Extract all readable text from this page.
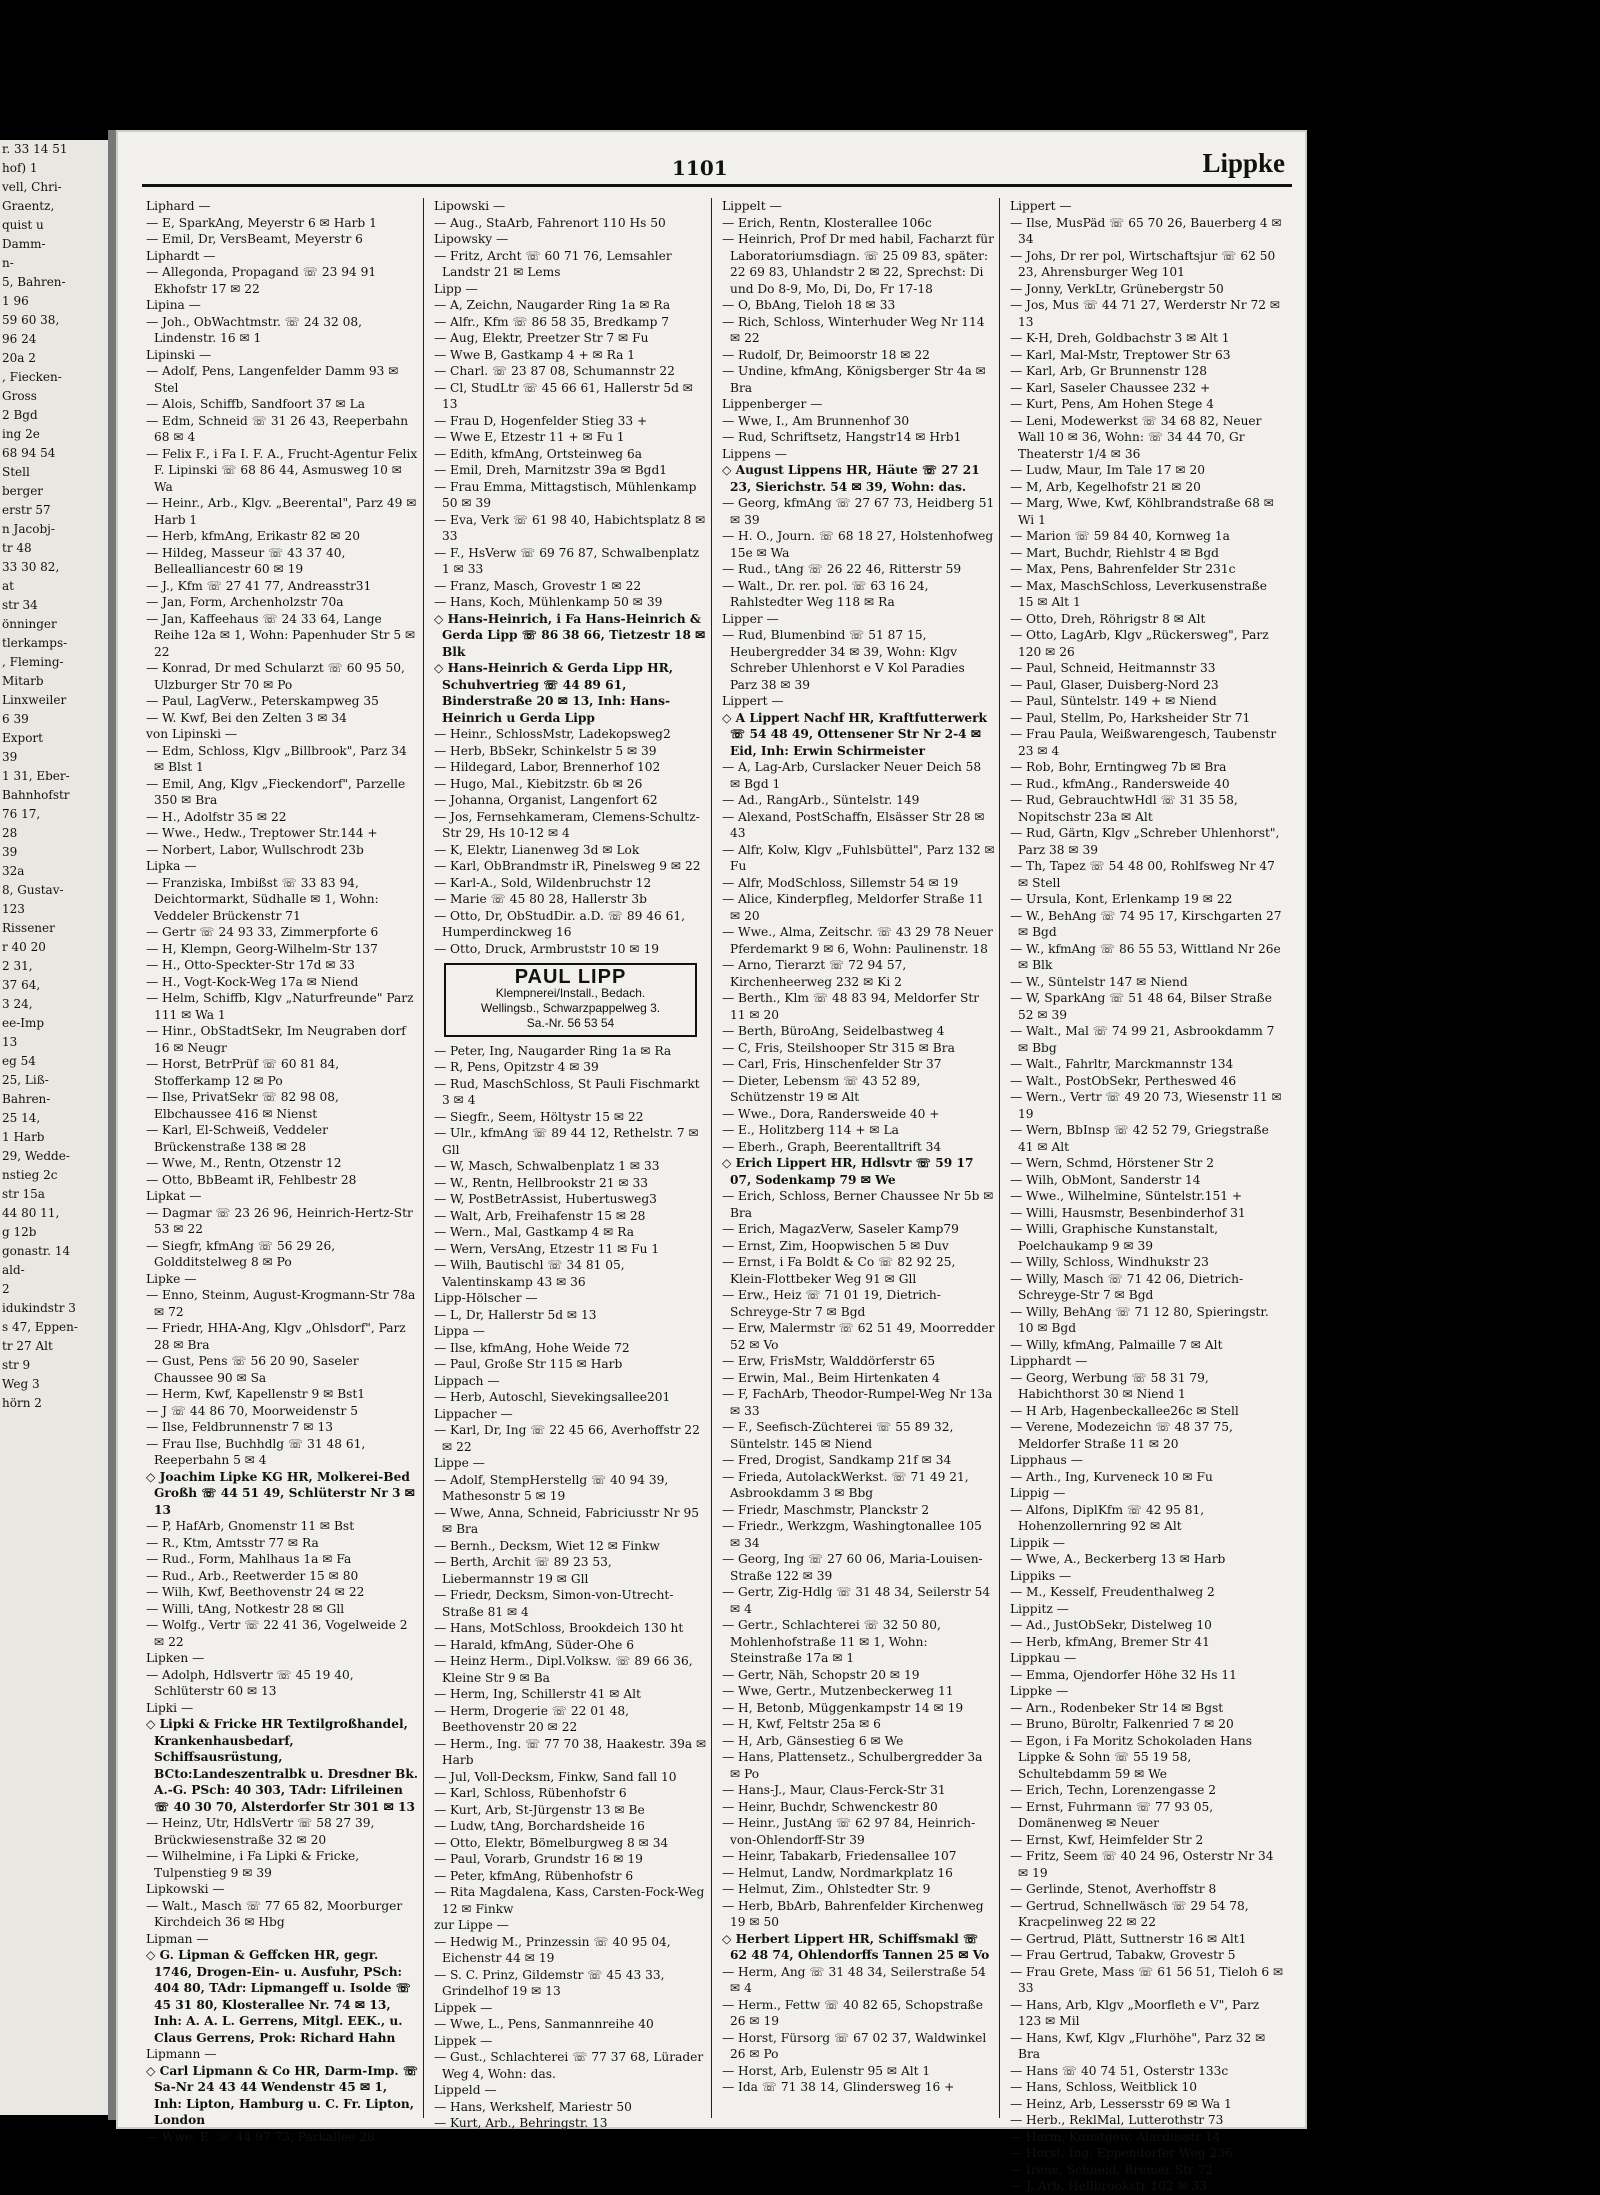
r. 33 14 51
hof) 1
vell, Chri-
Graentz,
quist u
Damm-
n-
5, Bahren-
1 96
59 60 38,
96 24
20a 2
, Fiecken-
Gross
2 Bgd
ing 2e
68 94 54
Stell
berger
erstr 57
n Jacobj-
tr 48
33 30 82,
at
str 34
önninger
tlerkamps-
, Fleming-
Mitarb
Linxweiler
6 39
Export
39
1 31, Eber-
Bahnhofstr
76 17,
28
39
32a
8, Gustav-
123
Rissener
r 40 20
2 31,
37 64,
3 24,
ee-Imp
13
eg 54
25, Liß-
Bahren-
25 14,
1 Harb
29, Wedde-
nstieg 2c
str 15a
44 80 11,
g 12b
gonastr. 14
ald-
2
idukindstr 3
s 47, Eppen-
tr 27 Alt
str 9
Weg 3
hörn 2
1101	Lippke

Liphard —

— E, SparkAng, Meyerstr 6 ✉ Harb 1

— Emil, Dr, VersBeamt, Meyerstr 6

Liphardt —

— Allegonda, Propagand ☏ 23 94 91 Ekhofstr 17 ✉ 22

Lipina —

— Joh., ObWachtmstr. ☏ 24 32 08, Lindenstr. 16 ✉ 1

Lipinski —

— Adolf, Pens, Langenfelder Damm 93 ✉ Stel

— Alois, Schiffb, Sandfoort 37 ✉ La

— Edm, Schneid ☏ 31 26 43, Reeperbahn 68 ✉ 4

— Felix F., i Fa I. F. A., Frucht-Agentur Felix F. Lipinski ☏ 68 86 44, Asmusweg 10 ✉ Wa

— Heinr., Arb., Klgv. „Beerental", Parz 49 ✉ Harb 1

— Herb, kfmAng, Erikastr 82 ✉ 20

— Hildeg, Masseur ☏ 43 37 40, Bellealliancestr 60 ✉ 19

— J., Kfm ☏ 27 41 77, Andreasstr31

— Jan, Form, Archenholzstr 70a

— Jan, Kaffeehaus ☏ 24 33 64, Lange Reihe 12a ✉ 1, Wohn: Papenhuder Str 5 ✉ 22

— Konrad, Dr med Schularzt ☏ 60 95 50, Ulzburger Str 70 ✉ Po

— Paul, LagVerw., Peterskampweg 35

— W. Kwf, Bei den Zelten 3 ✉ 34

von Lipinski —

— Edm, Schloss, Klgv „Billbrook", Parz 34 ✉ Blst 1

— Emil, Ang, Klgv „Fieckendorf", Parzelle 350 ✉ Bra

— H., Adolfstr 35 ✉ 22

— Wwe., Hedw., Treptower Str.144 +

— Norbert, Labor, Wullschrodt 23b

Lipka —

— Franziska, Imbißst ☏ 33 83 94, Deichtormarkt, Südhalle ✉ 1, Wohn: Veddeler Brückenstr 71

— Gertr ☏ 24 93 33, Zimmerpforte 6

— H, Klempn, Georg-Wilhelm-Str 137

— H., Otto-Speckter-Str 17d ✉ 33

— H., Vogt-Kock-Weg 17a ✉ Niend

— Helm, Schiffb, Klgv „Naturfreunde" Parz 111 ✉ Wa 1

— Hinr., ObStadtSekr, Im Neugraben dorf 16 ✉ Neugr

— Horst, BetrPrüf ☏ 60 81 84, Stofferkamp 12 ✉ Po

— Ilse, PrivatSekr ☏ 82 98 08, Elbchaussee 416 ✉ Nienst

— Karl, El-Schweiß, Veddeler Brückenstraße 138 ✉ 28

— Wwe, M., Rentn, Otzenstr 12

— Otto, BbBeamt iR, Fehlbestr 28

Lipkat —

— Dagmar ☏ 23 26 96, Heinrich-Hertz-Str 53 ✉ 22

— Siegfr, kfmAng ☏ 56 29 26, Goldditstelweg 8 ✉ Po

Lipke —

— Enno, Steinm, August-Krogmann-Str 78a ✉ 72

— Friedr, HHA-Ang, Klgv „Ohlsdorf", Parz 28 ✉ Bra

— Gust, Pens ☏ 56 20 90, Saseler Chaussee 90 ✉ Sa

— Herm, Kwf, Kapellenstr 9 ✉ Bst1

— J ☏ 44 86 70, Moorweidenstr 5

— Ilse, Feldbrunnenstr 7 ✉ 13

— Frau Ilse, Buchhdlg ☏ 31 48 61, Reeperbahn 5 ✉ 4

◇ Joachim Lipke KG HR, Molkerei-Bed Großh ☏ 44 51 49, Schlüterstr Nr 3 ✉ 13

— P, HafArb, Gnomenstr 11 ✉ Bst

— R., Ktm, Amtsstr 77 ✉ Ra

— Rud., Form, Mahlhaus 1a ✉ Fa

— Rud., Arb., Reetwerder 15 ✉ 80

— Wilh, Kwf, Beethovenstr 24 ✉ 22

— Willi, tAng, Notkestr 28 ✉ Gll

— Wolfg., Vertr ☏ 22 41 36, Vogelweide 2 ✉ 22

Lipken —

— Adolph, Hdlsvertr ☏ 45 19 40, Schlüterstr 60 ✉ 13

Lipki —

◇ Lipki & Fricke HR Textilgroßhandel, Krankenhausbedarf, Schiffsausrüstung, BCto:Landeszentralbk u. Dresdner Bk. A.-G. PSch: 40 303, TAdr: Lifrileinen ☏ 40 30 70, Alsterdorfer Str 301 ✉ 13

— Heinz, Utr, HdlsVertr ☏ 58 27 39, Brückwiesenstraße 32 ✉ 20

— Wilhelmine, i Fa Lipki & Fricke, Tulpenstieg 9 ✉ 39

Lipkowski —

— Walt., Masch ☏ 77 65 82, Moorburger Kirchdeich 36 ✉ Hbg

Lipman —

◇ G. Lipman & Geffcken HR, gegr. 1746, Drogen-Ein- u. Ausfuhr, PSch: 404 80, TAdr: Lipmangeff u. Isolde ☏ 45 31 80, Klosterallee Nr. 74 ✉ 13, Inh: A. A. L. Gerrens, Mitgl. EEK., u. Claus Gerrens, Prok: Richard Hahn

Lipmann —

◇ Carl Lipmann & Co HR, Darm-Imp. ☏ Sa-Nr 24 43 44 Wendenstr 45 ✉ 1, Inh: Lipton, Hamburg u. C. Fr. Lipton, London

— Wwe, E. ☏ 44 97 73, Parkallee 28

Lipowski —

— Aug., StaArb, Fahrenort 110 Hs 50

Lipowsky —

— Fritz, Archt ☏ 60 71 76, Lemsahler Landstr 21 ✉ Lems

Lipp —

— A, Zeichn, Naugarder Ring 1a ✉ Ra

— Alfr., Kfm ☏ 86 58 35, Bredkamp 7

— Aug, Elektr, Preetzer Str 7 ✉ Fu

— Wwe B, Gastkamp 4 + ✉ Ra 1

— Charl. ☏ 23 87 08, Schumannstr 22

— Cl, StudLtr ☏ 45 66 61, Hallerstr 5d ✉ 13

— Frau D, Hogenfelder Stieg 33 +

— Wwe E, Etzestr 11 + ✉ Fu 1

— Edith, kfmAng, Ortsteinweg 6a

— Emil, Dreh, Marnitzstr 39a ✉ Bgd1

— Frau Emma, Mittagstisch, Mühlenkamp 50 ✉ 39

— Eva, Verk ☏ 61 98 40, Habichtsplatz 8 ✉ 33

— F., HsVerw ☏ 69 76 87, Schwalbenplatz 1 ✉ 33

— Franz, Masch, Grovestr 1 ✉ 22

— Hans, Koch, Mühlenkamp 50 ✉ 39

◇ Hans-Heinrich, i Fa Hans-Heinrich & Gerda Lipp ☏ 86 38 66, Tietzestr 18 ✉ Blk

◇ Hans-Heinrich & Gerda Lipp HR, Schuhvertrieg ☏ 44 89 61, Binderstraße 20 ✉ 13, Inh: Hans-Heinrich u Gerda Lipp

— Heinr., SchlossMstr, Ladekopsweg2

— Herb, BbSekr, Schinkelstr 5 ✉ 39

— Hildegard, Labor, Brennerhof 102

— Hugo, Mal., Kiebitzstr. 6b ✉ 26

— Johanna, Organist, Langenfort 62

— Jos, Fernsehkameram, Clemens-Schultz-Str 29, Hs 10-12 ✉ 4

— K, Elektr, Lianenweg 3d ✉ Lok

— Karl, ObBrandmstr iR, Pinelsweg 9 ✉ 22

— Karl-A., Sold, Wildenbruchstr 12

— Marie ☏ 45 80 28, Hallerstr 3b

— Otto, Dr, ObStudDir. a.D. ☏ 89 46 61, Humperdinckweg 16

— Otto, Druck, Armbruststr 10 ✉ 19

PAUL LIPP
Klempnerei/Install., Bedach.
Wellingsb., Schwarzpappelweg 3.
Sa.-Nr. 56 53 54

— Peter, Ing, Naugarder Ring 1a ✉ Ra

— R, Pens, Opitzstr 4 ✉ 39

— Rud, MaschSchloss, St Pauli Fischmarkt 3 ✉ 4

— Siegfr., Seem, Höltystr 15 ✉ 22

— Ulr., kfmAng ☏ 89 44 12, Rethelstr. 7 ✉ Gll

— W, Masch, Schwalbenplatz 1 ✉ 33

— W., Rentn, Hellbrookstr 21 ✉ 33

— W, PostBetrAssist, Hubertusweg3

— Walt, Arb, Freihafenstr 15 ✉ 28

— Wern., Mal, Gastkamp 4 ✉ Ra

— Wern, VersAng, Etzestr 11 ✉ Fu 1

— Wilh, Bautischl ☏ 34 81 05, Valentinskamp 43 ✉ 36

Lipp-Hölscher —

— L, Dr, Hallerstr 5d ✉ 13

Lippa —

— Ilse, kfmAng, Hohe Weide 72

— Paul, Große Str 115 ✉ Harb

Lippach —

— Herb, Autoschl, Sievekingsallee201

Lippacher —

— Karl, Dr, Ing ☏ 22 45 66, Averhoffstr 22 ✉ 22

Lippe —

— Adolf, StempHerstellg ☏ 40 94 39, Mathesonstr 5 ✉ 19

— Wwe, Anna, Schneid, Fabriciusstr Nr 95 ✉ Bra

— Bernh., Decksm, Wiet 12 ✉ Finkw

— Berth, Archit ☏ 89 23 53, Liebermannstr 19 ✉ Gll

— Friedr, Decksm, Simon-von-Utrecht-Straße 81 ✉ 4

— Hans, MotSchloss, Brookdeich 130 ht

— Harald, kfmAng, Süder-Ohe 6

— Heinz Herm., Dipl.Volksw. ☏ 89 66 36, Kleine Str 9 ✉ Ba

— Herm, Ing, Schillerstr 41 ✉ Alt

— Herm, Drogerie ☏ 22 01 48, Beethovenstr 20 ✉ 22

— Herm., Ing. ☏ 77 70 38, Haakestr. 39a ✉ Harb

— Jul, Voll-Decksm, Finkw, Sand fall 10

— Karl, Schloss, Rübenhofstr 6

— Kurt, Arb, St-Jürgenstr 13 ✉ Be

— Ludw, tAng, Borchardsheide 16

— Otto, Elektr, Bömelburgweg 8 ✉ 34

— Paul, Vorarb, Grundstr 16 ✉ 19

— Peter, kfmAng, Rübenhofstr 6

— Rita Magdalena, Kass, Carsten-Fock-Weg 12 ✉ Finkw

zur Lippe —

— Hedwig M., Prinzessin ☏ 40 95 04, Eichenstr 44 ✉ 19

— S. C. Prinz, Gildemstr ☏ 45 43 33, Grindelhof 19 ✉ 13

Lippek —

— Wwe, L., Pens, Sanmannreihe 40

Lippek —

— Gust., Schlachterei ☏ 77 37 68, Lürader Weg 4, Wohn: das.

Lippeld —

— Hans, Werkshelf, Mariestr 50

— Kurt, Arb., Behringstr. 13

Lippelt —

— Erich, Rentn, Klosterallee 106c

— Heinrich, Prof Dr med habil, Facharzt für Laboratoriumsdiagn. ☏ 25 09 83, später: 22 69 83, Uhlandstr 2 ✉ 22, Sprechst: Di und Do 8-9, Mo, Di, Do, Fr 17-18

— O, BbAng, Tieloh 18 ✉ 33

— Rich, Schloss, Winterhuder Weg Nr 114 ✉ 22

— Rudolf, Dr, Beimoorstr 18 ✉ 22

— Undine, kfmAng, Königsberger Str 4a ✉ Bra

Lippenberger —

— Wwe, I., Am Brunnenhof 30

— Rud, Schriftsetz, Hangstr14 ✉ Hrb1

Lippens —

◇ August Lippens HR, Häute ☏ 27 21 23, Sierichstr. 54 ✉ 39, Wohn: das.

— Georg, kfmAng ☏ 27 67 73, Heidberg 51 ✉ 39

— H. O., Journ. ☏ 68 18 27, Holstenhofweg 15e ✉ Wa

— Rud., tAng ☏ 26 22 46, Ritterstr 59

— Walt., Dr. rer. pol. ☏ 63 16 24, Rahlstedter Weg 118 ✉ Ra

Lipper —

— Rud, Blumenbind ☏ 51 87 15, Heubergredder 34 ✉ 39, Wohn: Klgv Schreber Uhlenhorst e V Kol Paradies Parz 38 ✉ 39

Lippert —

◇ A Lippert Nachf HR, Kraftfutterwerk ☏ 54 48 49, Ottensener Str Nr 2-4 ✉ Eid, Inh: Erwin Schirmeister

— A, Lag-Arb, Curslacker Neuer Deich 58 ✉ Bgd 1

— Ad., RangArb., Süntelstr. 149

— Alexand, PostSchaffn, Elsässer Str 28 ✉ 43

— Alfr, Kolw, Klgv „Fuhlsbüttel", Parz 132 ✉ Fu

— Alfr, ModSchloss, Sillemstr 54 ✉ 19

— Alice, Kinderpfleg, Meldorfer Straße 11 ✉ 20

— Wwe., Alma, Zeitschr. ☏ 43 29 78 Neuer Pferdemarkt 9 ✉ 6, Wohn: Paulinenstr. 18

— Arno, Tierarzt ☏ 72 94 57, Kirchenheerweg 232 ✉ Ki 2

— Berth., Klm ☏ 48 83 94, Meldorfer Str 11 ✉ 20

— Berth, BüroAng, Seidelbastweg 4

— C, Fris, Steilshooper Str 315 ✉ Bra

— Carl, Fris, Hinschenfelder Str 37

— Dieter, Lebensm ☏ 43 52 89, Schützenstr 19 ✉ Alt

— Wwe., Dora, Randersweide 40 +

— E., Holitzberg 114 + ✉ La

— Eberh., Graph, Beerentalltrift 34

◇ Erich Lippert HR, Hdlsvtr ☏ 59 17 07, Sodenkamp 79 ✉ We

— Erich, Schloss, Berner Chaussee Nr 5b ✉ Bra

— Erich, MagazVerw, Saseler Kamp79

— Ernst, Zim, Hoopwischen 5 ✉ Duv

— Ernst, i Fa Boldt & Co ☏ 82 92 25, Klein-Flottbeker Weg 91 ✉ Gll

— Erw., Heiz ☏ 71 01 19, Dietrich-Schreyge-Str 7 ✉ Bgd

— Erw, Malermstr ☏ 62 51 49, Moorredder 52 ✉ Vo

— Erw, FrisMstr, Walddörferstr 65

— Erwin, Mal., Beim Hirtenkaten 4

— F, FachArb, Theodor-Rumpel-Weg Nr 13a ✉ 33

— F., Seefisch-Züchterei ☏ 55 89 32, Süntelstr. 145 ✉ Niend

— Fred, Drogist, Sandkamp 21f ✉ 34

— Frieda, AutolackWerkst. ☏ 71 49 21, Asbrookdamm 3 ✉ Bbg

— Friedr, Maschmstr, Planckstr 2

— Friedr., Werkzgm, Washingtonallee 105 ✉ 34

— Georg, Ing ☏ 27 60 06, Maria-Louisen-Straße 122 ✉ 39

— Gertr, Zig-Hdlg ☏ 31 48 34, Seilerstr 54 ✉ 4

— Gertr., Schlachterei ☏ 32 50 80, Mohlenhofstraße 11 ✉ 1, Wohn: Steinstraße 17a ✉ 1

— Gertr, Näh, Schopstr 20 ✉ 19

— Wwe, Gertr., Mutzenbeckerweg 11

— H, Betonb, Müggenkampstr 14 ✉ 19

— H, Kwf, Feltstr 25a ✉ 6

— H, Arb, Gänsestieg 6 ✉ We

— Hans, Plattensetz., Schulbergredder 3a ✉ Po

— Hans-J., Maur, Claus-Ferck-Str 31

— Heinr, Buchdr, Schwenckestr 80

— Heinr., JustAng ☏ 62 97 84, Heinrich-von-Ohlendorff-Str 39

— Heinr, Tabakarb, Friedensallee 107

— Helmut, Landw, Nordmarkplatz 16

— Helmut, Zim., Ohlstedter Str. 9

— Herb, BbArb, Bahrenfelder Kirchenweg 19 ✉ 50

◇ Herbert Lippert HR, Schiffsmakl ☏ 62 48 74, Ohlendorffs Tannen 25 ✉ Vo

— Herm, Ang ☏ 31 48 34, Seilerstraße 54 ✉ 4

— Herm., Fettw ☏ 40 82 65, Schopstraße 26 ✉ 19

— Horst, Fürsorg ☏ 67 02 37, Waldwinkel 26 ✉ Po

— Horst, Arb, Eulenstr 95 ✉ Alt 1

— Ida ☏ 71 38 14, Glindersweg 16 +

Lippert —

— Ilse, MusPäd ☏ 65 70 26, Bauerberg 4 ✉ 34

— Johs, Dr rer pol, Wirtschaftsjur ☏ 62 50 23, Ahrensburger Weg 101

— Jonny, VerkLtr, Grünebergstr 50

— Jos, Mus ☏ 44 71 27, Werderstr Nr 72 ✉ 13

— K-H, Dreh, Goldbachstr 3 ✉ Alt 1

— Karl, Mal-Mstr, Treptower Str 63

— Karl, Arb, Gr Brunnenstr 128

— Karl, Saseler Chaussee 232 +

— Kurt, Pens, Am Hohen Stege 4

— Leni, Modewerkst ☏ 34 68 82, Neuer Wall 10 ✉ 36, Wohn: ☏ 34 44 70, Gr Theaterstr 1/4 ✉ 36

— Ludw, Maur, Im Tale 17 ✉ 20

— M, Arb, Kegelhofstr 21 ✉ 20

— Marg, Wwe, Kwf, Köhlbrandstraße 68 ✉ Wi 1

— Marion ☏ 59 84 40, Kornweg 1a

— Mart, Buchdr, Riehlstr 4 ✉ Bgd

— Max, Pens, Bahrenfelder Str 231c

— Max, MaschSchloss, Leverkusenstraße 15 ✉ Alt 1

— Otto, Dreh, Röhrigstr 8 ✉ Alt

— Otto, LagArb, Klgv „Rückersweg", Parz 120 ✉ 26

— Paul, Schneid, Heitmannstr 33

— Paul, Glaser, Duisberg-Nord 23

— Paul, Süntelstr. 149 + ✉ Niend

— Paul, Stellm, Po, Harksheider Str 71

— Frau Paula, Weißwarengesch, Taubenstr 23 ✉ 4

— Rob, Bohr, Erntingweg 7b ✉ Bra

— Rud., kfmAng., Randersweide 40

— Rud, GebrauchtwHdl ☏ 31 35 58, Nopitschstr 23a ✉ Alt

— Rud, Gärtn, Klgv „Schreber Uhlenhorst", Parz 38 ✉ 39

— Th, Tapez ☏ 54 48 00, Rohlfsweg Nr 47 ✉ Stell

— Ursula, Kont, Erlenkamp 19 ✉ 22

— W., BehAng ☏ 74 95 17, Kirschgarten 27 ✉ Bgd

— W., kfmAng ☏ 86 55 53, Wittland Nr 26e ✉ Blk

— W., Süntelstr 147 ✉ Niend

— W, SparkAng ☏ 51 48 64, Bilser Straße 52 ✉ 39

— Walt., Mal ☏ 74 99 21, Asbrookdamm 7 ✉ Bbg

— Walt., Fahrltr, Marckmannstr 134

— Walt., PostObSekr, Pertheswed 46

— Wern., Vertr ☏ 49 20 73, Wiesenstr 11 ✉ 19

— Wern, BbInsp ☏ 42 52 79, Griegstraße 41 ✉ Alt

— Wern, Schmd, Hörstener Str 2

— Wilh, ObMont, Sanderstr 14

— Wwe., Wilhelmine, Süntelstr.151 +

— Willi, Hausmstr, Besenbinderhof 31

— Willi, Graphische Kunstanstalt, Poelchaukamp 9 ✉ 39

— Willy, Schloss, Windhukstr 23

— Willy, Masch ☏ 71 42 06, Dietrich-Schreyge-Str 7 ✉ Bgd

— Willy, BehAng ☏ 71 12 80, Spieringstr. 10 ✉ Bgd

— Willy, kfmAng, Palmaille 7 ✉ Alt

Lipphardt —

— Georg, Werbung ☏ 58 31 79, Habichthorst 30 ✉ Niend 1

— H Arb, Hagenbeckallee26c ✉ Stell

— Verene, Modezeichn ☏ 48 37 75, Meldorfer Straße 11 ✉ 20

Lipphaus —

— Arth., Ing, Kurveneck 10 ✉ Fu

Lippig —

— Alfons, DiplKfm ☏ 42 95 81, Hohenzollernring 92 ✉ Alt

Lippik —

— Wwe, A., Beckerberg 13 ✉ Harb

Lippiks —

— M., Kesself, Freudenthalweg 2

Lippitz —

— Ad., JustObSekr, Distelweg 10

— Herb, kfmAng, Bremer Str 41

Lippkau —

— Emma, Ojendorfer Höhe 32 Hs 11

Lippke —

— Arn., Rodenbeker Str 14 ✉ Bgst

— Bruno, Büroltr, Falkenried 7 ✉ 20

— Egon, i Fa Moritz Schokoladen Hans Lippke & Sohn ☏ 55 19 58, Schultebdamm 59 ✉ We

— Erich, Techn, Lorenzengasse 2

— Ernst, Fuhrmann ☏ 77 93 05, Domänenweg ✉ Neuer

— Ernst, Kwf, Heimfelder Str 2

— Fritz, Seem ☏ 40 24 96, Osterstr Nr 34 ✉ 19

— Gerlinde, Stenot, Averhoffstr 8

— Gertrud, Schnellwäsch ☏ 29 54 78, Kracpelinweg 22 ✉ 22

— Gertrud, Plätt, Suttnerstr 16 ✉ Alt1

— Frau Gertrud, Tabakw, Grovestr 5

— Frau Grete, Mass ☏ 61 56 51, Tieloh 6 ✉ 33

— Hans, Arb, Klgv „Moorfleth e V", Parz 123 ✉ Mil

— Hans, Kwf, Klgv „Flurhöhe", Parz 32 ✉ Bra

— Hans ☏ 40 74 51, Osterstr 133c

— Hans, Schloss, Weitblick 10

— Heinz, Arb, Lessersstr 69 ✉ Wa 1

— Herb., ReklMal, Lutterothstr 73

— Herm, Kunstgew, Alardusstr 14

— Horst, Ing, Eppendorfer Weg 236

— Irene, Schneid, Bremer Str 72

— J, Arb, Hellbrookstr 102 ✉ 33
